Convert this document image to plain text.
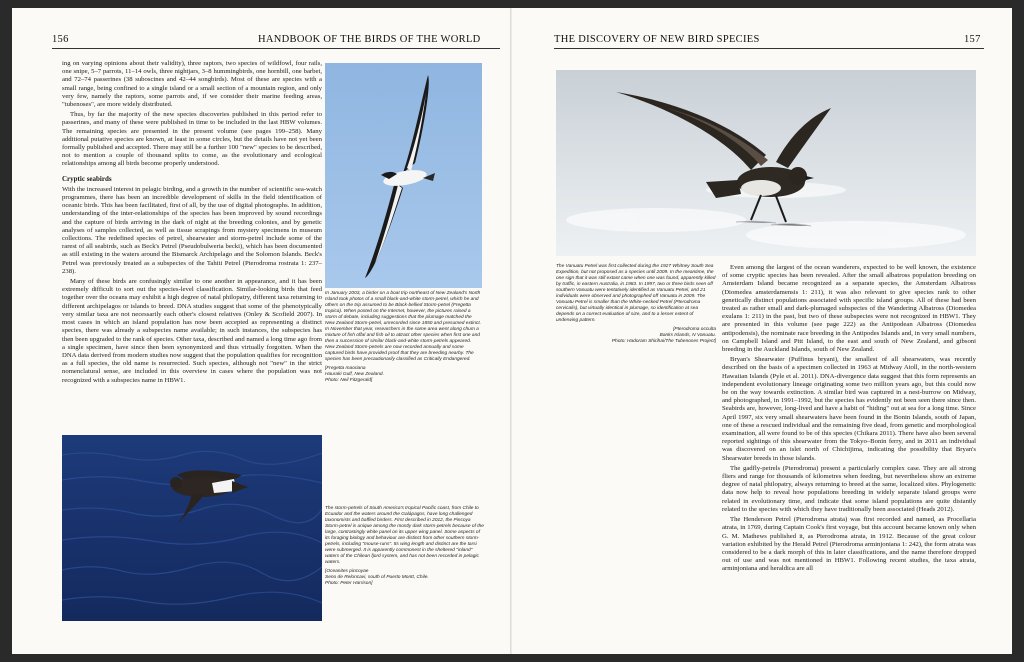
156	HANDBOOK OF THE BIRDS OF THE WORLD

ing on varying opinions about their validity), three raptors, two species of wildfowl, four rails, one snipe, 5–7 parrots, 11–14 owls, three nightjars, 3–8 hummingbirds, one hornbill, one barbet, and 72–74 passerines (38 suboscines and 42–44 songbirds). Most of these are species with a small range, being confined to a single island or a small section of a mountain region, and only very few, namely the raptors, some parrots and, if we consider their marine feeding areas, "tubenoses", are more widely distributed.

Thus, by far the majority of the new species discoveries published in this period refer to passerines, and many of these were published in time to be included in the last HBW volumes. The remaining species are presented in the present volume (see pages 199–258). Many additional putative species are known, at least in some circles, but the details have not yet been formally published and accepted. There may still be a further 100 "new" species to be described, not to mention a couple of thousand splits to come, as the evolutionary and ecological relationships among all birds become properly understood.

Cryptic seabirds

With the increased interest in pelagic birding, and a growth in the number of scientific sea-watch programmes, there has been an incredible development of skills in the field identification of oceanic birds. This has been facilitated, first of all, by the use of digital photographs. In addition, understanding of the inter-relationships of the species has been improved by sound recordings and the capture of birds arriving in the dark of night at the breeding colonies, and by genetic analyses of samples collected, as well as tissue scrapings from mystery specimens in museum collections. The redefined species of petrel, shearwater and storm-petrel include some of the rarest of all seabirds, such as Beck's Petrel (Pseudobulweria becki), which has been documented as still existing in the waters around the Bismarck Archipelago and the Solomon Islands. Beck's Petrel was previously treated as a subspecies of the Tahiti Petrel (Pterodroma rostrata 1: 237–238).

Many of these birds are confusingly similar to one another in appearance, and it has been extremely difficult to sort out the species-level classification. Similar-looking birds that feed together over the oceans may exhibit a high degree of natal philopatry, different taxa returning to different archipelagos or islands to breed. DNA studies suggest that some of the phenotypically very similar taxa are not necessarily each other's closest relatives (Onley & Scofield 2007). In most cases in which an island population has now been accepted as representing a distinct species, there was already a subspecies name available; in such instances, the subspecies has then been upgraded to the rank of species. Other taxa, described and named a long time ago from a single specimen, have since then been synonymized and thus virtually forgotten. When the DNA data derived from modern studies now suggest that the population qualifies for recognition as a full species, the old name is resurrected. Such species, although not "new" in the strict nomenclatural sense, are included in this overview in cases where the population was not recognized with a subspecies name in HBW1.

In January 2003, a birder on a boat trip northeast of New Zealand's North Island took photos of a small black-and-white storm-petrel, which he and others on the trip assumed to be Black-bellied Storm-petrel (Fregetta tropica). When posted on the Internet, however, the pictures raised a storm of debate, including suggestions that the plumage matched the New Zealand Storm-petrel, unrecorded since 1850 and presumed extinct. In November that year, researchers in the same area went along chum a mixture of fish offal and fish oil to attract other species when first one and then a succession of similar black-and-white storm-petrels appeared. New Zealand Storm-petrels are now recorded annually and some captured birds have provided proof that they are breeding nearby. The species has been precautionarily classified as Critically Endangered.

[Fregetta maoriana
Hauraki Gulf, New Zealand.
Photo: Neil Fitzgerald]

The storm-petrels of South America's tropical Pacific coast, from Chile to Ecuador and the waters around the Galápagos, have long challenged taxonomists and baffled birders. First described in 2012, the Pincoya Storm-petrel is unique among the mostly dark storm-petrels because of the large, contrastingly white panel on its upper wing panel. Some aspects of its foraging biology and behaviour are distinct from other southern storm-petrels, including "mouse-runs". Its wing length and distinct are the tarsi were submerged. It is apparently commonest in the sheltered "inland" waters of the Chilean fjord system, and has not been recorded in pelagic waters.

[Oceanites pincoyae
Seno de Reloncavi, south of Puerto Montt, Chile.
Photo: Peter Harrison]

THE DISCOVERY OF NEW BIRD SPECIES	157

The Vanuatu Petrel was first collected during the 1927 Whitney South Sea Expedition, but not proposed as a species until 2009. In the meantime, the one sign that it was still extant came when one was found, apparently killed by traffic, in eastern Australia, in 1983. In 1997, two or three birds seen off southern Vanuatu were tentatively identified as Vanuatu Petrel, and 21 individuals were observed and photographed off Vanuatu in 2009. The Vanuatu Petrel is smaller than the White-necked Petrel (Pterodroma cervicalis), but virtually identical in plumage, so identification at sea depends on a correct evaluation of size, and to a lesser extent of underwing pattern.

[Pterodroma occulta
Banks Islands, N Vanuatu.
Photo: Hadoram Shirihai/The Tubenoses Project]

Even among the largest of the ocean wanderers, expected to be well known, the existence of some cryptic species has been revealed. After the small albatross population breeding on Amsterdam Island became recognized as a separate species, the Amsterdam Albatross (Diomedea amsterdamensis 1: 211), it was also relevant to give species rank to other genetically distinct populations associated with specific island groups. All of these had been treated as rather small and dark-plumaged subspecies of the Wandering Albatross (Diomedea exulans 1: 211) in the past, but two of these subspecies were not recognized in HBW1. They are presented in this volume (see page 222) as the Antipodean Albatross (Diomedea antipodensis), the nominate race breeding in the Antipodes Islands and, in very small numbers, on Campbell Island and Pitt Island, to the east and south of New Zealand, and gibsoni breeding in the Auckland Islands, south of New Zealand.

Bryan's Shearwater (Puffinus bryani), the smallest of all shearwaters, was recently described on the basis of a specimen collected in 1963 at Midway Atoll, in the north-western Hawaiian Islands (Pyle et al. 2011). DNA-divergence data suggest that this form represents an independent evolutionary lineage originating some two million years ago, but this could now be on the way towards extinction. A similar bird was captured in a nest-burrow on Midway, and photographed, in 1991–1992, but the species has evidently not been seen there since then. Seabirds are, however, long-lived and have a habit of "hiding" out at sea for a long time. Since April 1997, six very small shearwaters have been found in the Bonin Islands, south of Japan, one of these a rescued individual and the remaining five dead, from genetic and morphological examination, all were found to be of this species (Chikara 2011). There have also been several reported sightings of this shearwater from the Tokyo–Bonin ferry, and in 2011 an individual was discovered on an islet north of Chichijima, indicating the possibility that Bryan's Shearwater breeds in those islands.

The gadfly-petrels (Pterodroma) present a particularly complex case. They are all strong fliers and range for thousands of kilometres when feeding, but nevertheless show an extreme degree of natal philopatry, always returning to breed at the same, localized sites. Phylogenetic data now help to reveal how populations breeding in widely separate island groups were related in evolutionary time, and indicate that some island populations are quite distantly related to the species with which they have traditionally been associated (Heads 2012).

The Henderson Petrel (Pterodroma atrata) was first recorded and named, as Procellaria atrata, in 1769, during Captain Cook's first voyage, but this account became known only when G. M. Mathews published it, as Pterodroma atrata, in 1912. Because of the great colour variation exhibited by the Herald Petrel (Pterodroma arminjoniana 1: 242), the form atrata was considered to be a dark morph of this in later classifications, and the name therefore dropped out of use and was not mentioned in HBW1. Following recent studies, the taxa atrata, arminjoniana and heraldica are all
